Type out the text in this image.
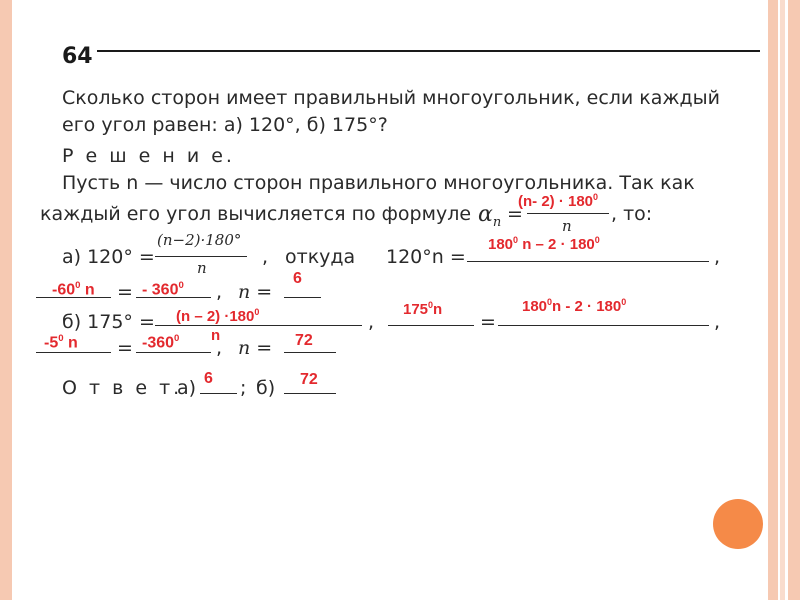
64
Сколько сторон имеет правильный многоугольник, если каждый
его угол равен: а) 120°, б) 175°?
Р е ш е н и е.
Пусть n — число сторон правильного многоугольника. Так как
каждый его угол вычисляется по формуле $\alpha_n$ =
n
, то:
(n- $2) \cdot 180^0$
а) 120° =
(n−2)·180°
n	, откуда 120°n =	,
$180^0$ $n - 2 \cdot 180^0$
=	, n =
$-60^0$ n	- $360^0$	6
б) 175° =	,	=	,
$(n - 2) \cdot 180^0$
n
$175^0n$	$180^0n - 2 \cdot 180^0$
=	, n =
$-5^0$ n	$-360^0$	72
О т в е т.
а) ; б)
6	72
